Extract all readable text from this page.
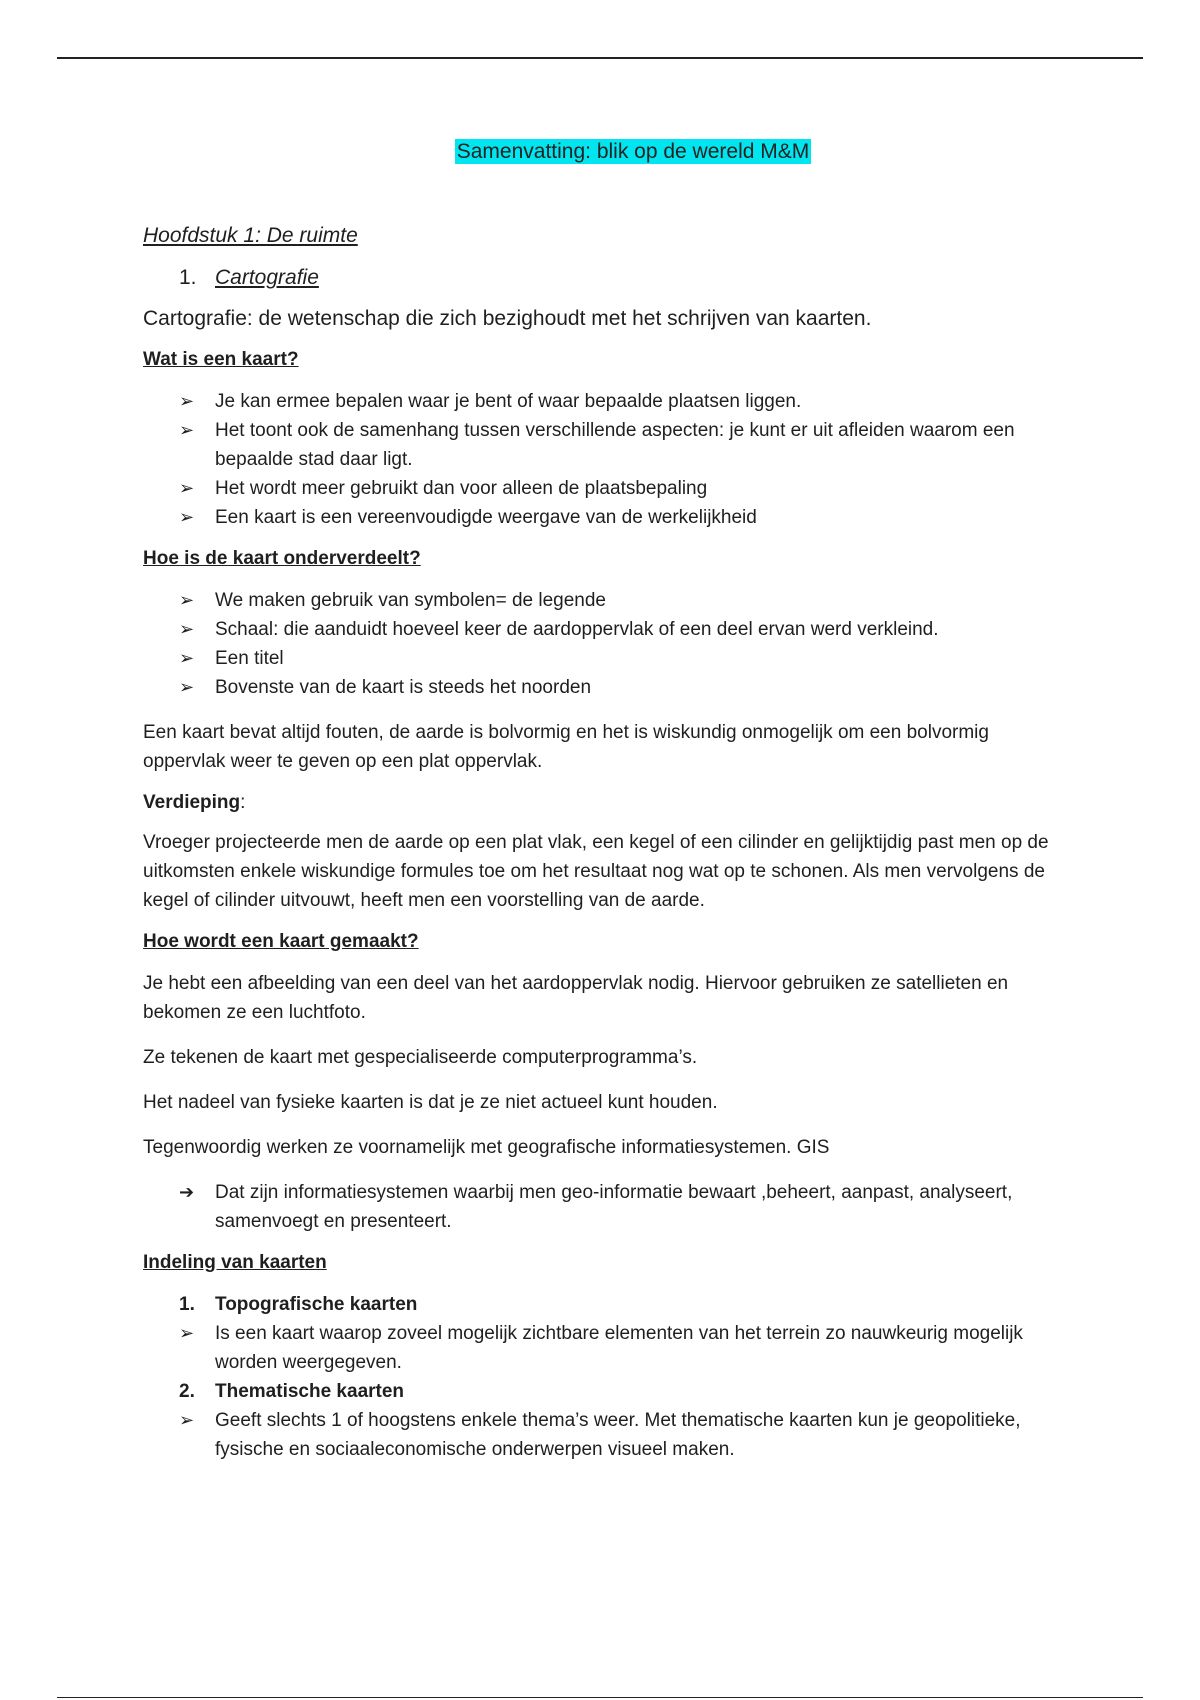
Samenvatting: blik op de wereld M&M
Hoofdstuk 1: De ruimte
1. Cartografie

Cartografie: de wetenschap die zich bezighoudt met het schrijven van kaarten.

Wat is een kaart?
➢	Je kan ermee bepalen waar je bent of waar bepaalde plaatsen liggen.
➢	Het toont ook de samenhang tussen verschillende aspecten: je kunt er uit afleiden waarom een bepaalde stad daar ligt.
➢	Het wordt meer gebruikt dan voor alleen de plaatsbepaling
➢	Een kaart is een vereenvoudigde weergave van de werkelijkheid
Hoe is de kaart onderverdeelt?
➢	We maken gebruik van symbolen= de legende
➢	Schaal: die aanduidt hoeveel keer de aardoppervlak of een deel ervan werd verkleind.
➢	Een titel
➢	Bovenste van de kaart is steeds het noorden

Een kaart bevat altijd fouten, de aarde is bolvormig en het is wiskundig onmogelijk om een bolvormig oppervlak weer te geven op een plat oppervlak.

Verdieping:

Vroeger projecteerde men de aarde op een plat vlak, een kegel of een cilinder en gelijktijdig past men op de uitkomsten enkele wiskundige formules toe om het resultaat nog wat op te schonen. Als men vervolgens de kegel of cilinder uitvouwt, heeft men een voorstelling van de aarde.

Hoe wordt een kaart gemaakt?

Je hebt een afbeelding van een deel van het aardoppervlak nodig. Hiervoor gebruiken ze satellieten en bekomen ze een luchtfoto.

Ze tekenen de kaart met gespecialiseerde computerprogramma’s.

Het nadeel van fysieke kaarten is dat je ze niet actueel kunt houden.

Tegenwoordig werken ze voornamelijk met geografische informatiesystemen. GIS

➔	Dat zijn informatiesystemen waarbij men geo-informatie bewaart ,beheert, aanpast, analyseert, samenvoegt en presenteert.
Indeling van kaarten
1.	Topografische kaarten
➢	Is een kaart waarop zoveel mogelijk zichtbare elementen van het terrein zo nauwkeurig mogelijk worden weergegeven.
2.	Thematische kaarten
➢	Geeft slechts 1 of hoogstens enkele thema’s weer. Met thematische kaarten kun je geopolitieke, fysische en sociaaleconomische onderwerpen visueel maken.
